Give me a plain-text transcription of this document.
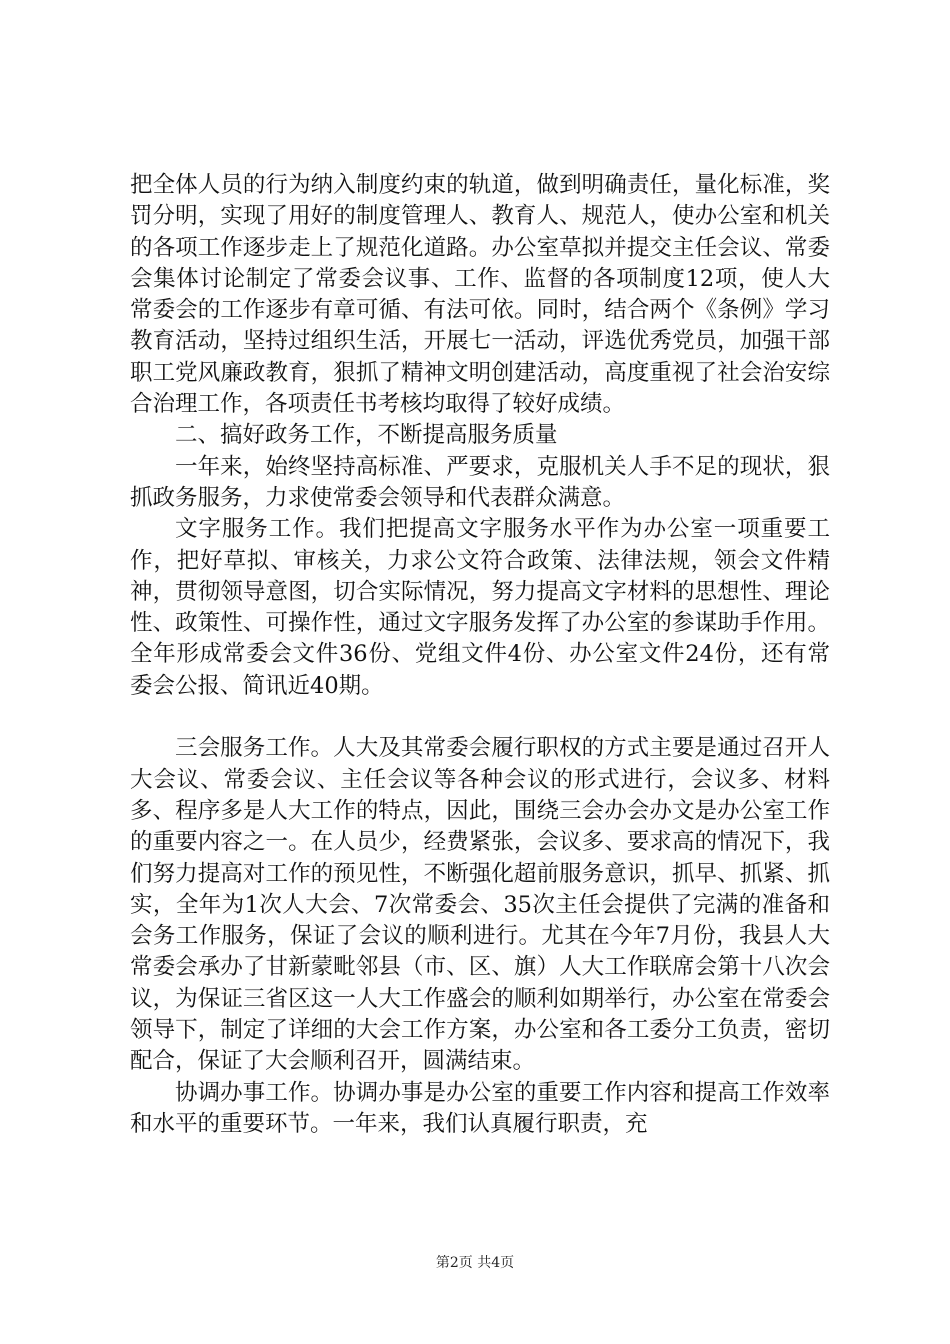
把全体人员的行为纳入制度约束的轨道，做到明确责任，量化标准，奖罚分明，实现了用好的制度管理人、教育人、规范人，使办公室和机关的各项工作逐步走上了规范化道路。办公室草拟并提交主任会议、常委会集体讨论制定了常委会议事、工作、监督的各项制度12项，使人大常委会的工作逐步有章可循、有法可依。同时，结合两个《条例》学习教育活动，坚持过组织生活，开展七一活动，评选优秀党员，加强干部职工党风廉政教育，狠抓了精神文明创建活动，高度重视了社会治安综合治理工作，各项责任书考核均取得了较好成绩。

二、搞好政务工作，不断提高服务质量

一年来，始终坚持高标准、严要求，克服机关人手不足的现状，狠抓政务服务，力求使常委会领导和代表群众满意。

文字服务工作。我们把提高文字服务水平作为办公室一项重要工作，把好草拟、审核关，力求公文符合政策、法律法规，领会文件精神，贯彻领导意图，切合实际情况，努力提高文字材料的思想性、理论性、政策性、可操作性，通过文字服务发挥了办公室的参谋助手作用。全年形成常委会文件36份、党组文件4份、办公室文件24份，还有常委会公报、简讯近40期。

三会服务工作。人大及其常委会履行职权的方式主要是通过召开人大会议、常委会议、主任会议等各种会议的形式进行，会议多、材料多、程序多是人大工作的特点，因此，围绕三会办会办文是办公室工作的重要内容之一。在人员少，经费紧张，会议多、要求高的情况下，我们努力提高对工作的预见性，不断强化超前服务意识，抓早、抓紧、抓实，全年为1次人大会、7次常委会、35次主任会提供了完满的准备和会务工作服务，保证了会议的顺利进行。尤其在今年7月份，我县人大常委会承办了甘新蒙毗邻县（市、区、旗）人大工作联席会第十八次会议，为保证三省区这一人大工作盛会的顺利如期举行，办公室在常委会领导下，制定了详细的大会工作方案，办公室和各工委分工负责，密切配合，保证了大会顺利召开，圆满结束。

协调办事工作。协调办事是办公室的重要工作内容和提高工作效率和水平的重要环节。一年来，我们认真履行职责，充

第2页 共4页
